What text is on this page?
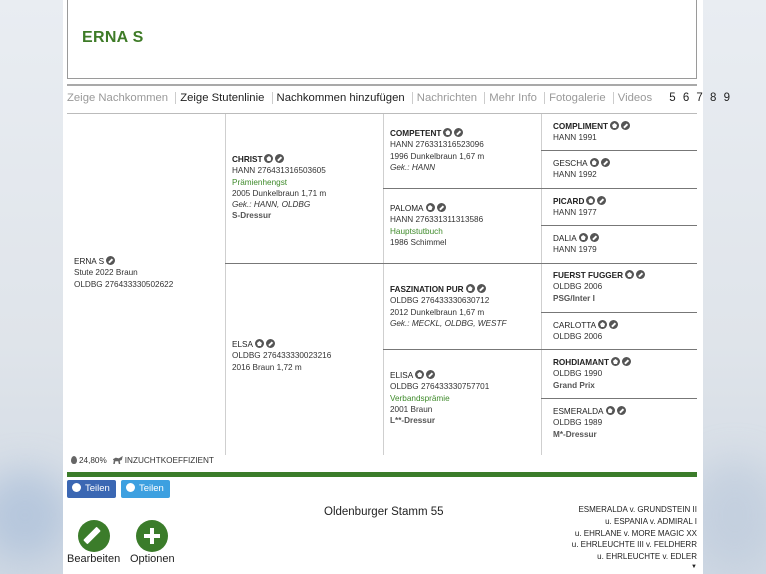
ERNA S
Zeige Nachkommen Zeige Stutenlinie Nachkommen hinzufügen Nachrichten Mehr Info Fotogalerie Videos 5 6 7 8 9
ERNA S
Stute 2022 Braun
OLDBG 276433330502622
CHRIST
HANN 276431316503605
Prämienhengst
2005 Dunkelbraun 1,71 m
Gek.: HANN, OLDBG
S-Dressur
ELSA
OLDBG 276433330023216
2016 Braun 1,72 m
COMPETENT
HANN 276331316523096
1996 Dunkelbraun 1,67 m
Gek.: HANN
PALOMA
HANN 276331311313586
Hauptstutbuch
1986 Schimmel
FASZINATION PUR
OLDBG 276433330630712
2012 Dunkelbraun 1,67 m
Gek.: MECKL, OLDBG, WESTF
ELISA
OLDBG 276433330757701
Verbandsprämie
2001 Braun
L**-Dressur
COMPLIMENT
HANN 1991
GESCHA
HANN 1992
PICARD
HANN 1977
DALIA
HANN 1979
FUERST FUGGER
OLDBG 2006
PSG/Inter I
CARLOTTA
OLDBG 2006
ROHDIAMANT
OLDBG 1990
Grand Prix
ESMERALDA
OLDBG 1989
M*-Dressur
24,80% INZUCHTKOEFFIZIENT
Teilen	Teilen
Oldenburger Stamm 55	ESMERALDA v. GRUNDSTEIN II
u. ESPANIA v. ADMIRAL I
u. EHRLANE v. MORE MAGIC XX
u. EHRLEUCHTE III v. FELDHERR
u. EHRLEUCHTE v. EDLER
▼
Bearbeiten Optionen
